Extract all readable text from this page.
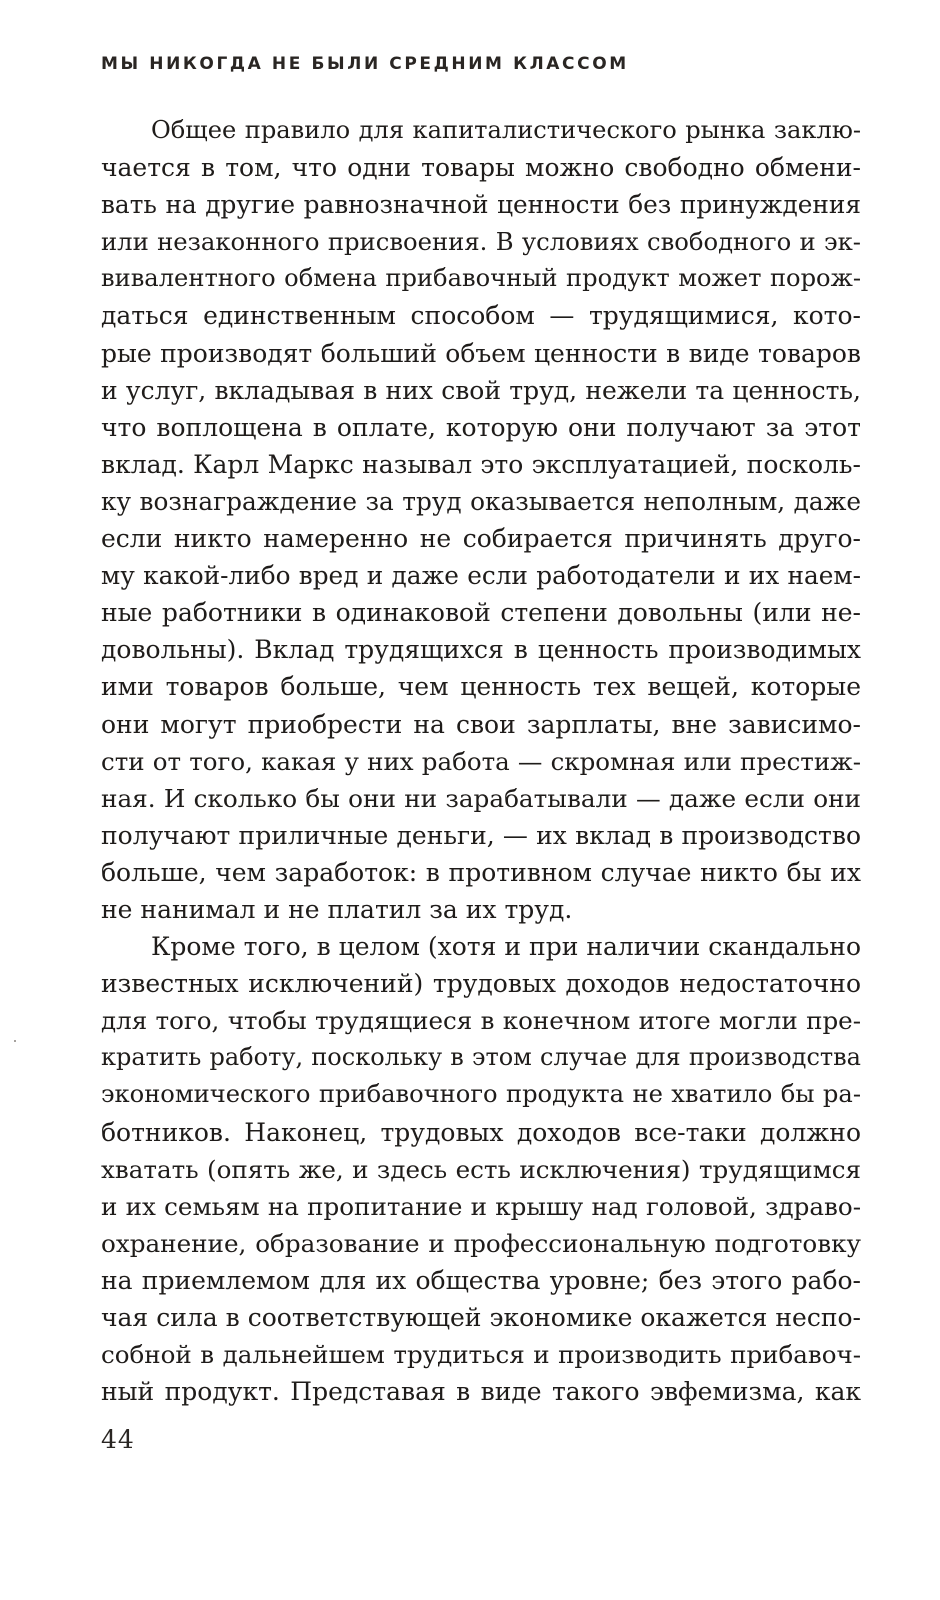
МЫ НИКОГДА НЕ БЫЛИ СРЕДНИМ КЛАССОМ
Общее правило для капиталистического рынка заклю-
чается в том, что одни товары можно свободно обмени-
вать на другие равнозначной ценности без принуждения
или незаконного присвоения. В условиях свободного и эк-
вивалентного обмена прибавочный продукт может порож-
даться единственным способом — трудящимися, кото-
рые производят больший объем ценности в виде товаров
и услуг, вкладывая в них свой труд, нежели та ценность,
что воплощена в оплате, которую они получают за этот
вклад. Карл Маркс называл это эксплуатацией, посколь-
ку вознаграждение за труд оказывается неполным, даже
если никто намеренно не собирается причинять друго-
му какой-либо вред и даже если работодатели и их наем-
ные работники в одинаковой степени довольны (или не-
довольны). Вклад трудящихся в ценность производимых
ими товаров больше, чем ценность тех вещей, которые
они могут приобрести на свои зарплаты, вне зависимо-
сти от того, какая у них работа — скромная или престиж-
ная. И сколько бы они ни зарабатывали — даже если они
получают приличные деньги, — их вклад в производство
больше, чем заработок: в противном случае никто бы их
не нанимал и не платил за их труд.
Кроме того, в целом (хотя и при наличии скандально
известных исключений) трудовых доходов недостаточно
для того, чтобы трудящиеся в конечном итоге могли пре-
кратить работу, поскольку в этом случае для производства
экономического прибавочного продукта не хватило бы ра-
ботников. Наконец, трудовых доходов все-таки должно
хватать (опять же, и здесь есть исключения) трудящимся
и их семьям на пропитание и крышу над головой, здраво-
охранение, образование и профессиональную подготовку
на приемлемом для их общества уровне; без этого рабо-
чая сила в соответствующей экономике окажется неспо-
собной в дальнейшем трудиться и производить прибавоч-
ный продукт. Представая в виде такого эвфемизма, как
44
